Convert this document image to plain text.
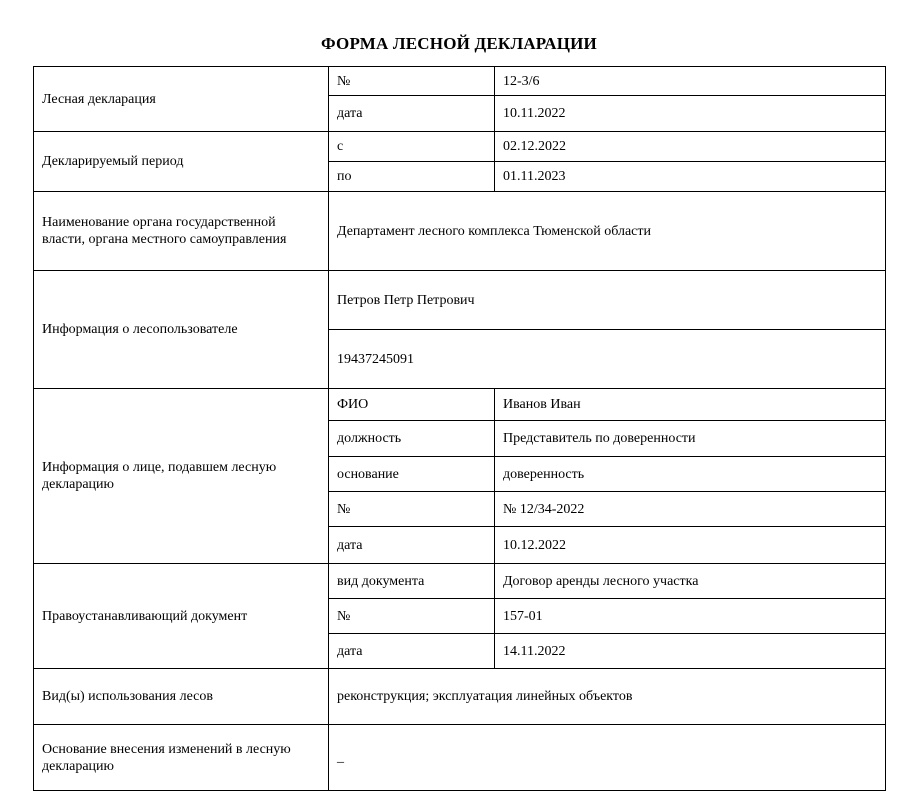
ФОРМА ЛЕСНОЙ ДЕКЛАРАЦИИ
Лесная декларация	№	12-3/6
	дата	10.11.2022
Декларируемый период	с	02.12.2022
	по	01.11.2023
Наименование органа государственной власти, органа местного самоуправления	Департамент лесного комплекса Тюменской области	
Информация о лесопользователе	Петров Петр Петрович	
	19437245091	
Информация о лице, подавшем лесную декларацию	ФИО	Иванов Иван
	должность	Представитель по доверенности
	основание	доверенность
	№	№ 12/34-2022
	дата	10.12.2022
Правоустанавливающий документ	вид документа	Договор аренды лесного участка
	№	157-01
	дата	14.11.2022
Вид(ы) использования лесов	реконструкция; эксплуатация линейных объектов	
Основание внесения изменений в лесную декларацию	_	
